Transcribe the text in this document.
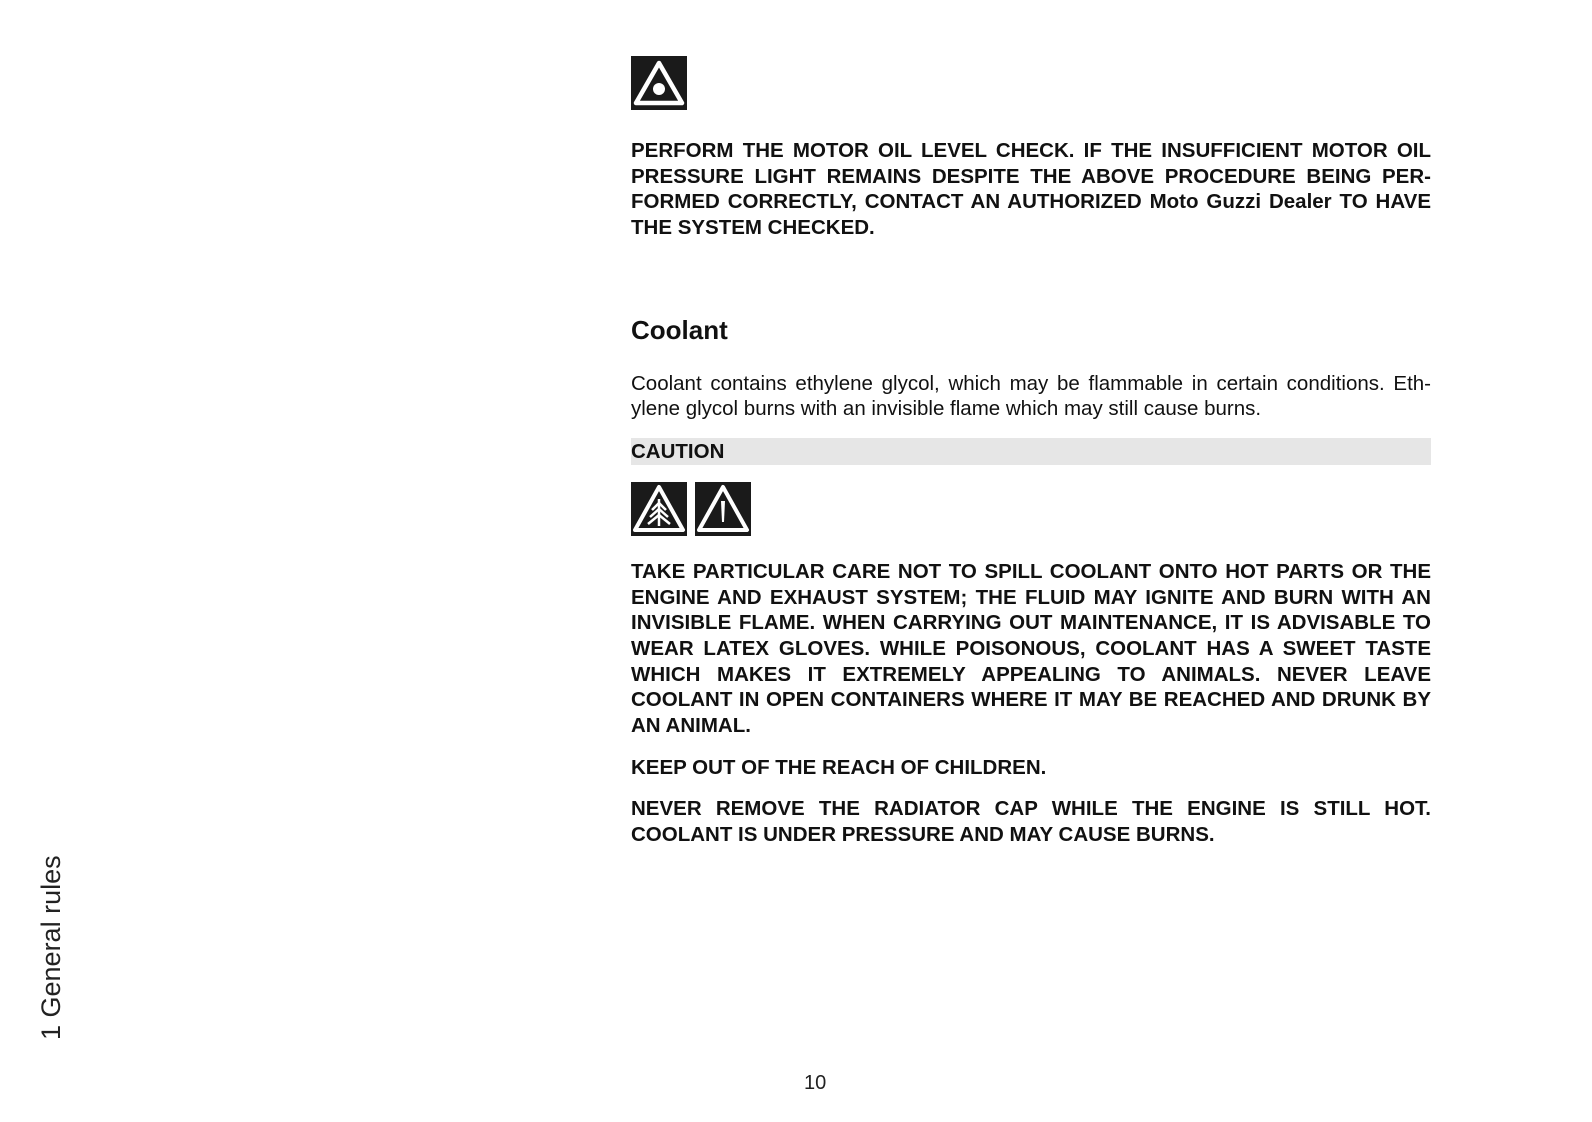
1 General rules

PERFORM THE MOTOR OIL LEVEL CHECK. IF THE INSUFFICIENT MOTOR OIL PRESSURE LIGHT REMAINS DESPITE THE ABOVE PROCEDURE BEING PER-FORMED CORRECTLY, CONTACT AN AUTHORIZED Moto Guzzi Dealer TO HAVE THE SYSTEM CHECKED.

Coolant

Coolant contains ethylene glycol, which may be flammable in certain conditions. Eth-ylene glycol burns with an invisible flame which may still cause burns.

CAUTION

TAKE PARTICULAR CARE NOT TO SPILL COOLANT ONTO HOT PARTS OR THE ENGINE AND EXHAUST SYSTEM; THE FLUID MAY IGNITE AND BURN WITH AN INVISIBLE FLAME. WHEN CARRYING OUT MAINTENANCE, IT IS ADVISABLE TO WEAR LATEX GLOVES. WHILE POISONOUS, COOLANT HAS A SWEET TASTE WHICH MAKES IT EXTREMELY APPEALING TO ANIMALS. NEVER LEAVE COOLANT IN OPEN CONTAINERS WHERE IT MAY BE REACHED AND DRUNK BY AN ANIMAL.

KEEP OUT OF THE REACH OF CHILDREN.

NEVER REMOVE THE RADIATOR CAP WHILE THE ENGINE IS STILL HOT. COOLANT IS UNDER PRESSURE AND MAY CAUSE BURNS.

10
